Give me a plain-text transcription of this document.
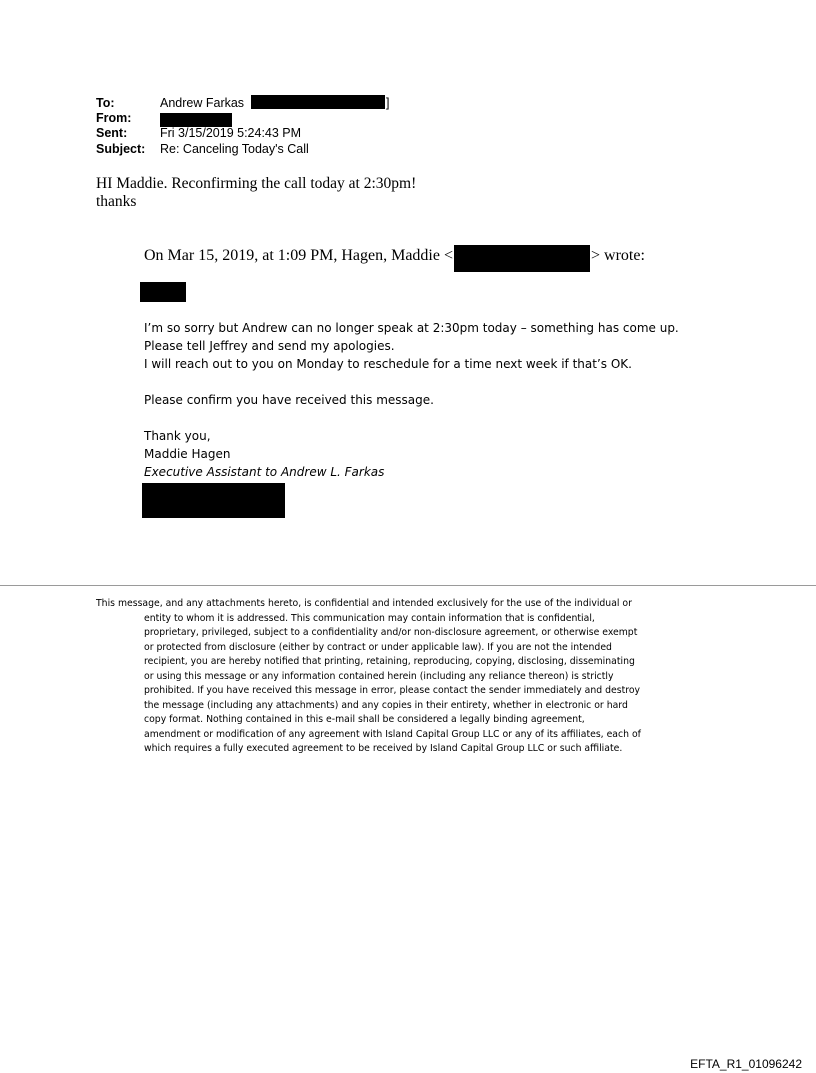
To:	Andrew Farkas	]
From:
Sent:	Fri 3/15/2019 5:24:43 PM
Subject: Re: Canceling Today's Call
HI Maddie. Reconfirming the call today at 2:30pm!
thanks
On Mar 15, 2019, at 1:09 PM, Hagen, Maddie <	> wrote:
I’m so sorry but Andrew can no longer speak at 2:30pm today – something has come up.
Please tell Jeffrey and send my apologies.
I will reach out to you on Monday to reschedule for a time next week if that’s OK.
Please confirm you have received this message.
Thank you,
Maddie Hagen
Executive Assistant to Andrew L. Farkas
This message, and any attachments hereto, is confidential and intended exclusively for the use of the individual or
entity to whom it is addressed. This communication may contain information that is confidential,
proprietary, privileged, subject to a confidentiality and/or non-disclosure agreement, or otherwise exempt
or protected from disclosure (either by contract or under applicable law). If you are not the intended
recipient, you are hereby notified that printing, retaining, reproducing, copying, disclosing, disseminating
or using this message or any information contained herein (including any reliance thereon) is strictly
prohibited. If you have received this message in error, please contact the sender immediately and destroy
the message (including any attachments) and any copies in their entirety, whether in electronic or hard
copy format. Nothing contained in this e-mail shall be considered a legally binding agreement,
amendment or modification of any agreement with Island Capital Group LLC or any of its affiliates, each of
which requires a fully executed agreement to be received by Island Capital Group LLC or such affiliate.
EFTA_R1_01096242
